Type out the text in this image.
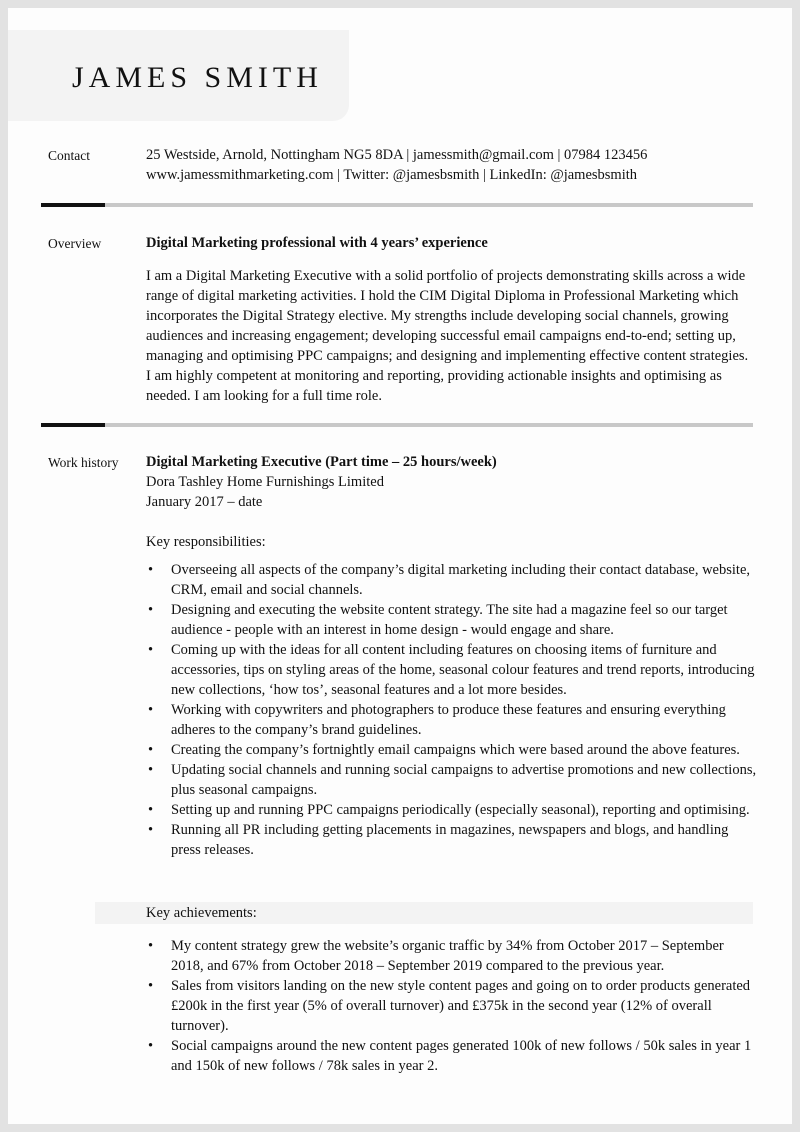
JAMES SMITH
Contact	25 Westside, Arnold, Nottingham NG5 8DA | jamessmith@gmail.com | 07984 123456

www.jamessmithmarketing.com | Twitter: @jamesbsmith | LinkedIn: @jamesbsmith

Overview	Digital Marketing professional with 4 years’ experience

I am a Digital Marketing Executive with a solid portfolio of projects demonstrating skills across a wide range of digital marketing activities. I hold the CIM Digital Diploma in Professional Marketing which incorporates the Digital Strategy elective. My strengths include developing social channels, growing audiences and increasing engagement; developing successful email campaigns end-to-end; setting up, managing and optimising PPC campaigns; and designing and implementing effective content strategies. I am highly competent at monitoring and reporting, providing actionable insights and optimising as needed. I am looking for a full time role.

Work history Digital Marketing Executive (Part time – 25 hours/week)

Dora Tashley Home Furnishings Limited

January 2017 – date

Key responsibilities:

• Overseeing all aspects of the company’s digital marketing including their contact database, website, CRM, email and social channels.
• Designing and executing the website content strategy. The site had a magazine feel so our target audience - people with an interest in home design - would engage and share.
• Coming up with the ideas for all content including features on choosing items of furniture and accessories, tips on styling areas of the home, seasonal colour features and trend reports, introducing new collections, ‘how tos’, seasonal features and a lot more besides.
• Working with copywriters and photographers to produce these features and ensuring everything adheres to the company’s brand guidelines.
• Creating the company’s fortnightly email campaigns which were based around the above features.
• Updating social channels and running social campaigns to advertise promotions and new collections, plus seasonal campaigns.
• Setting up and running PPC campaigns periodically (especially seasonal), reporting and optimising.
• Running all PR including getting placements in magazines, newspapers and blogs, and handling press releases.

Key achievements:

• My content strategy grew the website’s organic traffic by 34% from October 2017 – September 2018, and 67% from October 2018 – September 2019 compared to the previous year.
• Sales from visitors landing on the new style content pages and going on to order products generated £200k in the first year (5% of overall turnover) and £375k in the second year (12% of overall turnover).
• Social campaigns around the new content pages generated 100k of new follows / 50k sales in year 1 and 150k of new follows / 78k sales in year 2.
